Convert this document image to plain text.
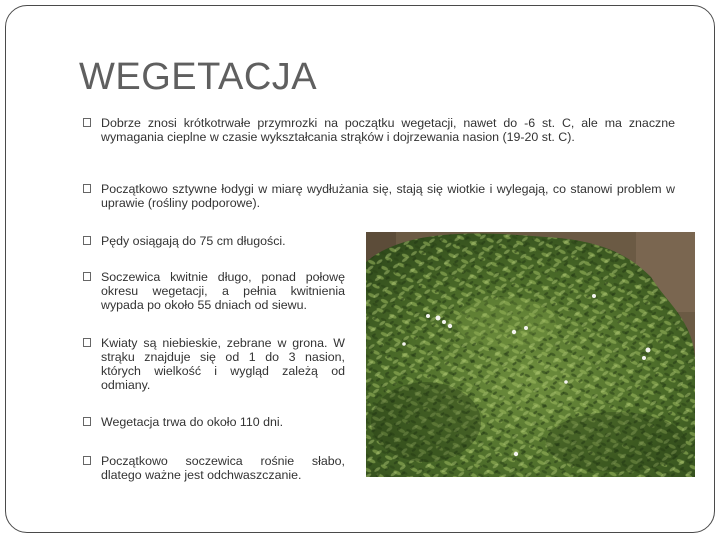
WEGETACJA
Dobrze znosi krótkotrwałe przymrozki na początku wegetacji, nawet do -6 st. C, ale ma znaczne wymagania cieplne w czasie wykształcania strąków i dojrzewania nasion (19-20 st. C).
Początkowo sztywne łodygi w miarę wydłużania się, stają się wiotkie i wylegają, co stanowi problem w uprawie (rośliny podporowe).
Pędy osiągają do 75 cm długości.
Soczewica kwitnie długo, ponad połowę okresu wegetacji, a pełnia kwitnienia wypada po około 55 dniach od siewu.
Kwiaty są niebieskie, zebrane w grona. W strąku znajduje się od 1 do 3 nasion, których wielkość i wygląd zależą od odmiany.
Wegetacja trwa do około 110 dni.
Początkowo soczewica rośnie słabo, dlatego ważne jest odchwaszczanie.
